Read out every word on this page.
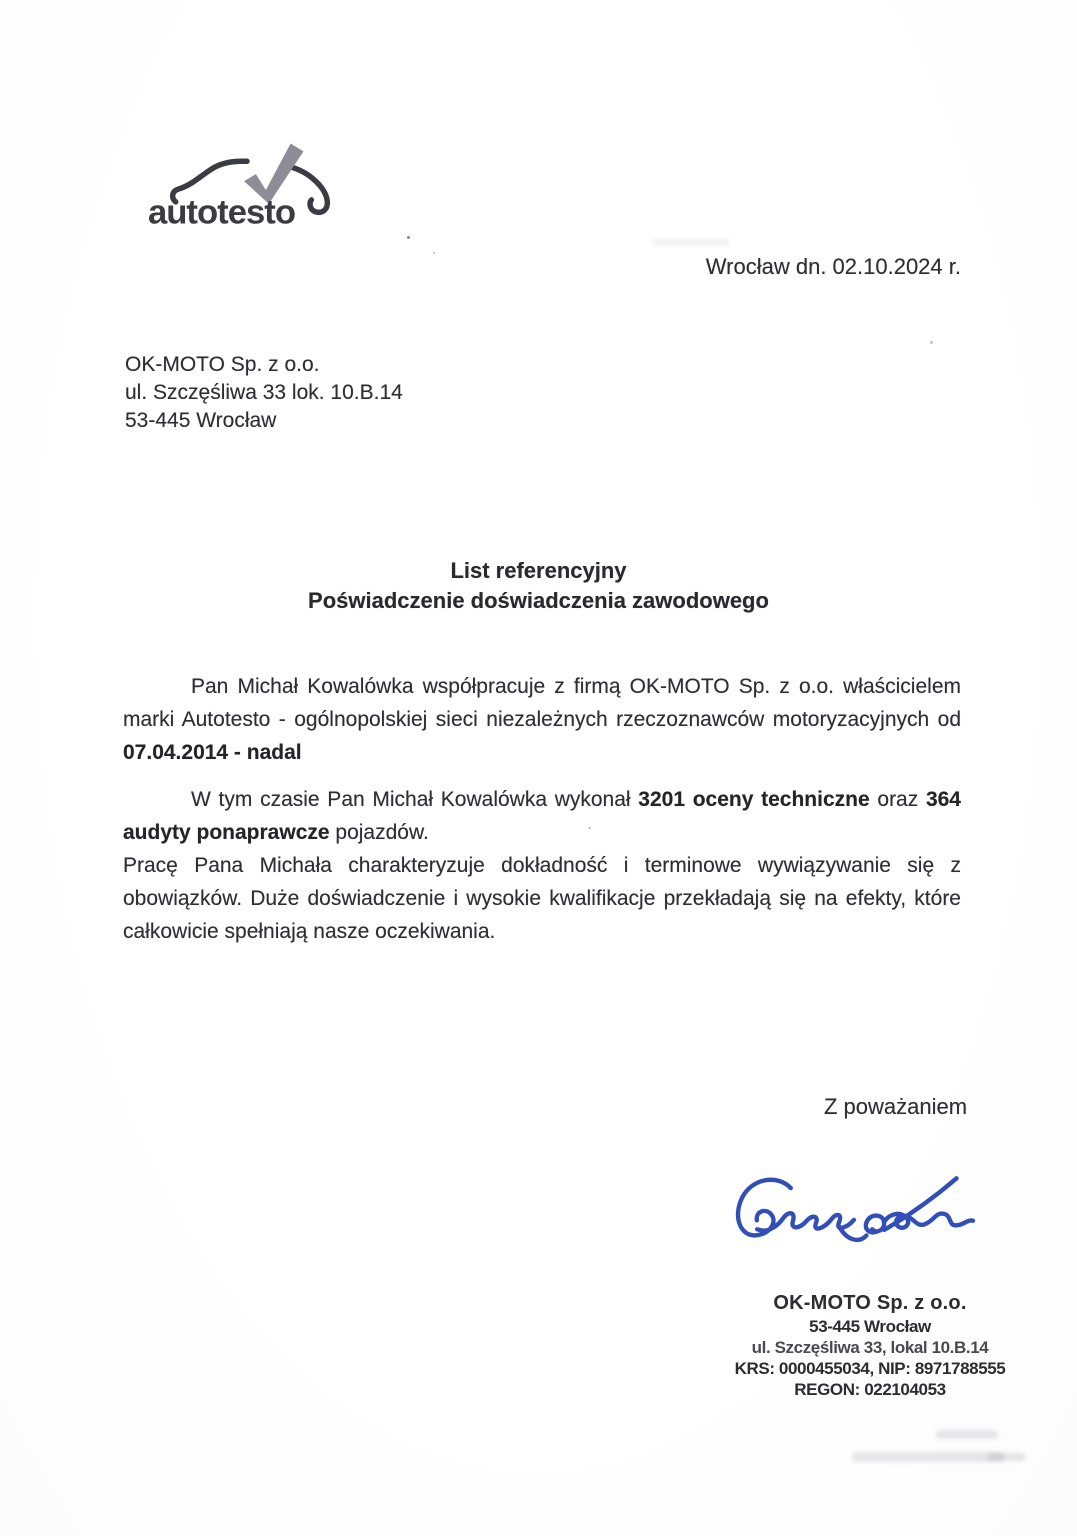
autotesto
Wrocław dn. 02.10.2024 r.
OK-MOTO Sp. z o.o.
ul. Szczęśliwa 33 lok. 10.B.14
53-445 Wrocław
List referencyjny
Poświadczenie doświadczenia zawodowego

Pan Michał Kowalówka współpracuje z firmą OK-MOTO Sp. z o.o. właścicielem marki Autotesto - ogólnopolskiej sieci niezależnych rzeczoznawców motoryzacyjnych od 07.04.2014 - nadal

W tym czasie Pan Michał Kowalówka wykonał 3201 oceny techniczne oraz 364 audyty ponaprawcze pojazdów.

Pracę Pana Michała charakteryzuje dokładność i terminowe wywiązywanie się z obowiązków. Duże doświadczenie i wysokie kwalifikacje przekładają się na efekty, które całkowicie spełniają nasze oczekiwania.

Z poważaniem
OK-MOTO Sp. z o.o.
53-445 Wrocław
ul. Szczęśliwa 33, lokal 10.B.14
KRS: 0000455034, NIP: 8971788555
REGON: 022104053
